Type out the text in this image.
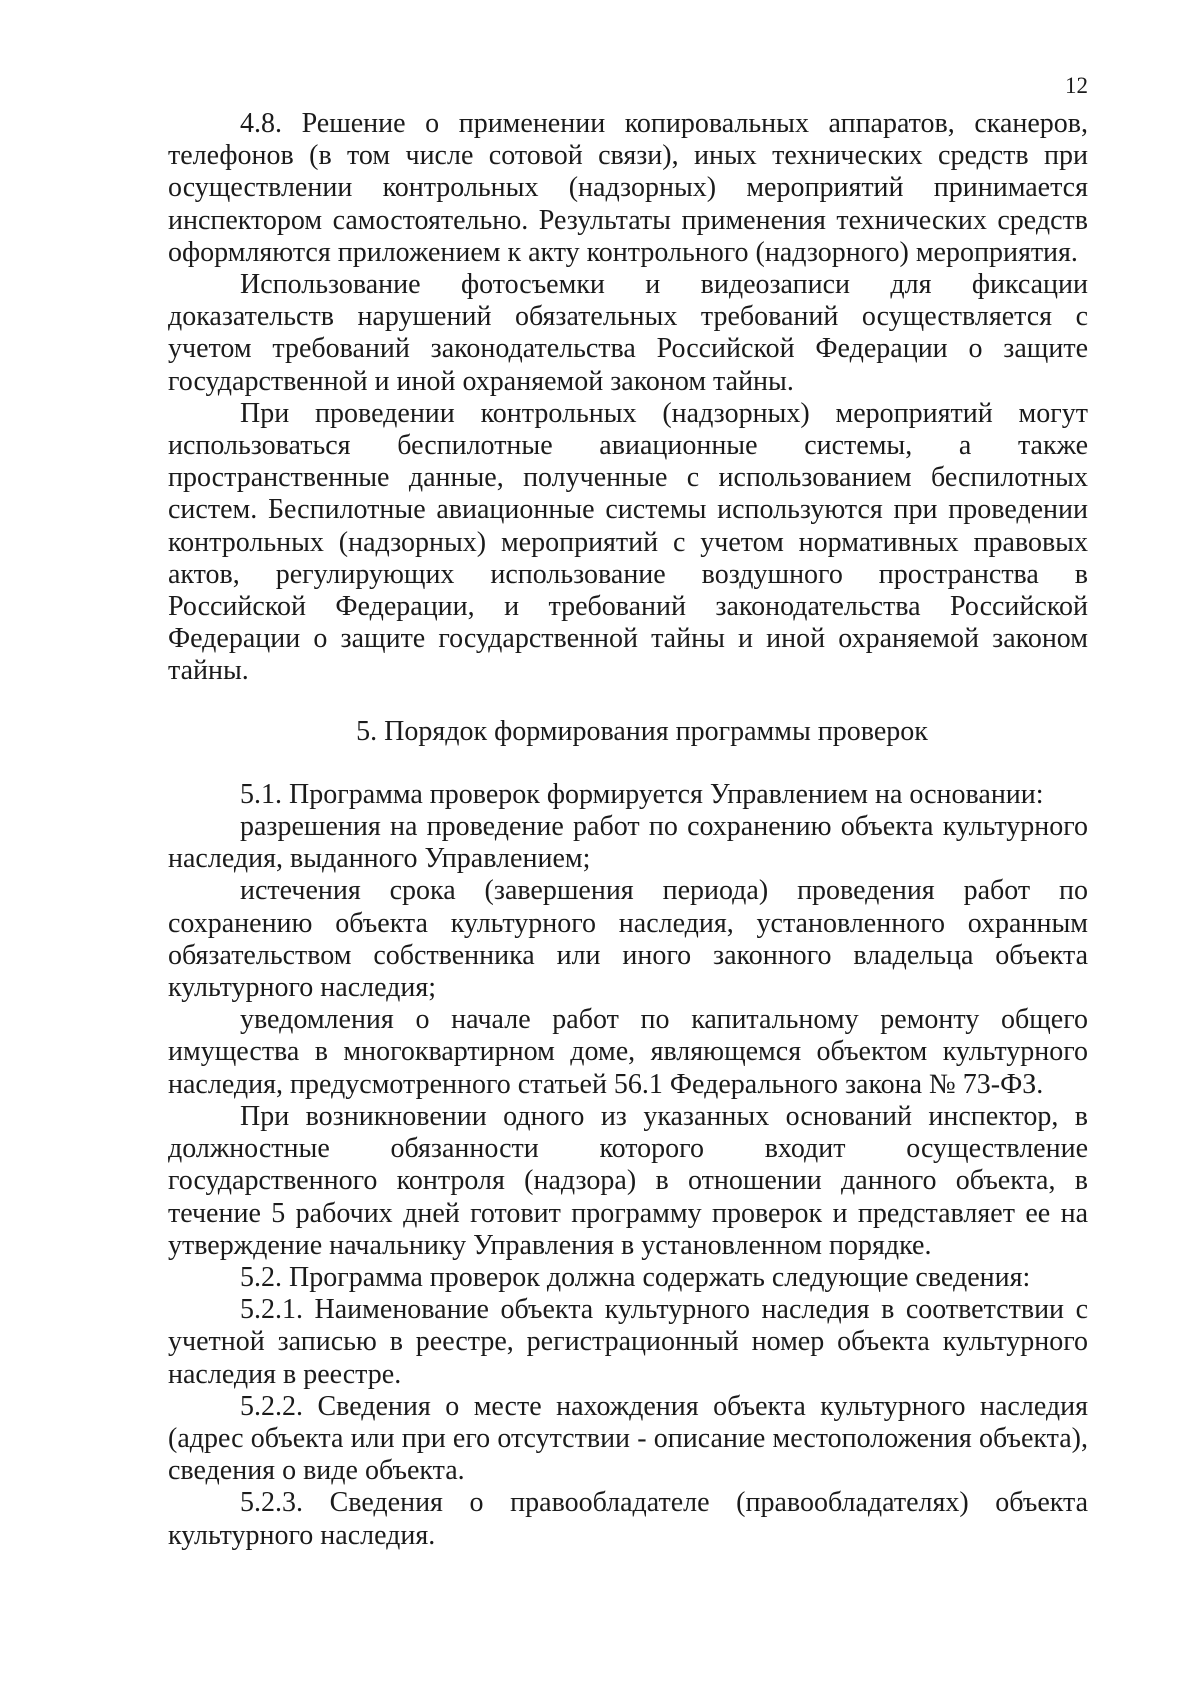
12

4.8. Решение о применении копировальных аппаратов, сканеров, телефонов (в том числе сотовой связи), иных технических средств при осуществлении контрольных (надзорных) мероприятий принимается инспектором самостоятельно. Результаты применения технических средств оформляются приложением к акту контрольного (надзорного) мероприятия.

Использование фотосъемки и видеозаписи для фиксации доказательств нарушений обязательных требований осуществляется с учетом требований законодательства Российской Федерации о защите государственной и иной охраняемой законом тайны.

При проведении контрольных (надзорных) мероприятий могут использоваться беспилотные авиационные системы, а также пространственные данные, полученные с использованием беспилотных систем. Беспилотные авиационные системы используются при проведении контрольных (надзорных) мероприятий с учетом нормативных правовых актов, регулирующих использование воздушного пространства в Российской Федерации, и требований законодательства Российской Федерации о защите государственной тайны и иной охраняемой законом тайны.

5. Порядок формирования программы проверок

5.1. Программа проверок формируется Управлением на основании:

разрешения на проведение работ по сохранению объекта культурного наследия, выданного Управлением;

истечения срока (завершения периода) проведения работ по сохранению объекта культурного наследия, установленного охранным обязательством собственника или иного законного владельца объекта культурного наследия;

уведомления о начале работ по капитальному ремонту общего имущества в многоквартирном доме, являющемся объектом культурного наследия, предусмотренного статьей 56.1 Федерального закона № 73-ФЗ.

При возникновении одного из указанных оснований инспектор, в должностные обязанности которого входит осуществление государственного контроля (надзора) в отношении данного объекта, в течение 5 рабочих дней готовит программу проверок и представляет ее на утверждение начальнику Управления в установленном порядке.

5.2. Программа проверок должна содержать следующие сведения:

5.2.1. Наименование объекта культурного наследия в соответствии с учетной записью в реестре, регистрационный номер объекта культурного наследия в реестре.

5.2.2. Сведения о месте нахождения объекта культурного наследия (адрес объекта или при его отсутствии - описание местоположения объекта), сведения о виде объекта.

5.2.3. Сведения о правообладателе (правообладателях) объекта культурного наследия.
